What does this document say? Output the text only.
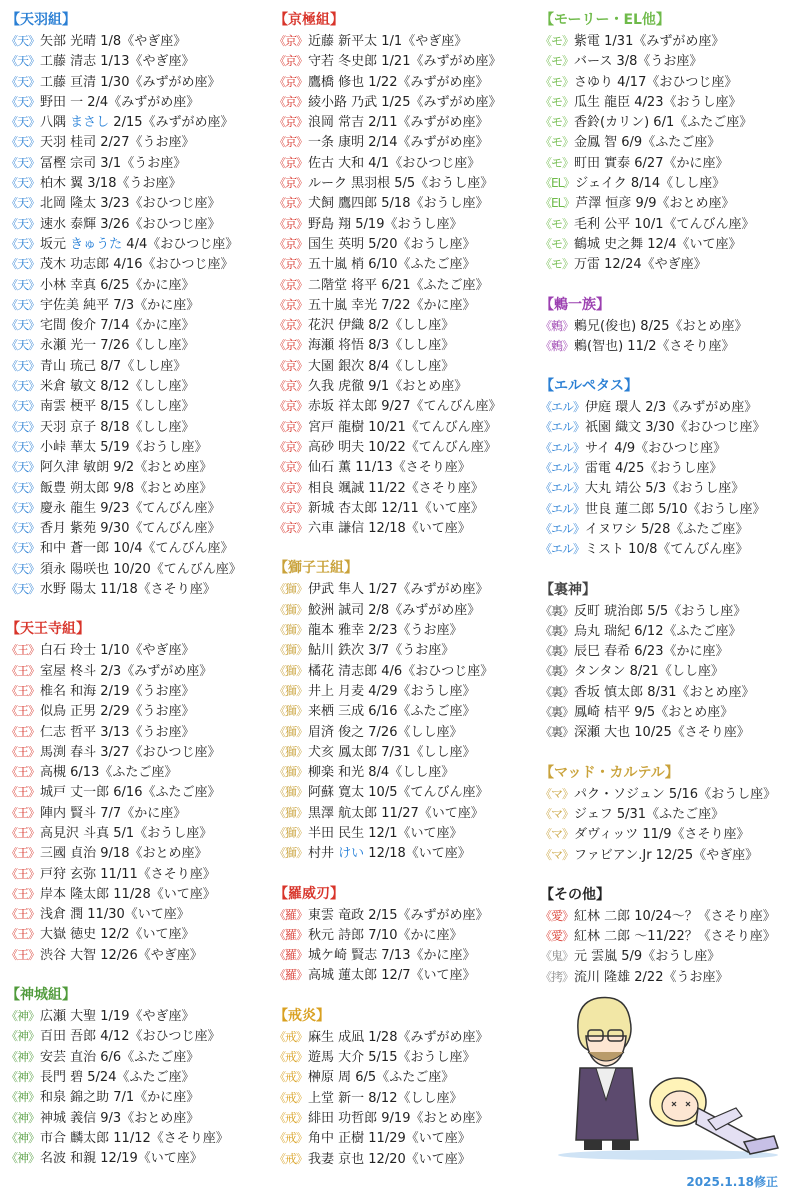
【天羽組】
《天》矢部 光晴 1/8《やぎ座》
《天》工藤 清志 1/13《やぎ座》
《天》工藤 亘清 1/30《みずがめ座》
《天》野田 一 2/4《みずがめ座》
《天》八隅 まさし 2/15《みずがめ座》
《天》天羽 桂司 2/27《うお座》
《天》冨樫 宗司 3/1《うお座》
《天》柏木 翼 3/18《うお座》
《天》北岡 隆太 3/23《おひつじ座》
《天》速水 泰輝 3/26《おひつじ座》
《天》坂元 きゅうた 4/4《おひつじ座》
《天》茂木 功志郎 4/16《おひつじ座》
《天》小林 幸真 6/25《かに座》
《天》宇佐美 純平 7/3《かに座》
《天》宅間 俊介 7/14《かに座》
《天》永瀬 光一 7/26《しし座》
《天》青山 琉己 8/7《しし座》
《天》米倉 敏文 8/12《しし座》
《天》南雲 梗平 8/15《しし座》
《天》天羽 京子 8/18《しし座》
《天》小峠 華太 5/19《おうし座》
《天》阿久津 敏朗 9/2《おとめ座》
《天》飯豊 朔太郎 9/8《おとめ座》
《天》慶永 龍生 9/23《てんびん座》
《天》香月 紫苑 9/30《てんびん座》
《天》和中 蒼一郎 10/4《てんびん座》
《天》須永 陽咲也 10/20《てんびん座》
《天》水野 陽太 11/18《さそり座》
【天王寺組】
《王》白石 玲士 1/10《やぎ座》
《王》室屋 柊斗 2/3《みずがめ座》
《王》椎名 和海 2/19《うお座》
《王》似鳥 正男 2/29《うお座》
《王》仁志 哲平 3/13《うお座》
《王》馬渕 春斗 3/27《おひつじ座》
《王》高槻 6/13《ふたご座》
《王》城戸 丈一郎 6/16《ふたご座》
《王》陣内 賢斗 7/7《かに座》
《王》高見沢 斗真 5/1《おうし座》
《王》三國 貞治 9/18《おとめ座》
《王》戸狩 玄弥 11/11《さそり座》
《王》岸本 隆太郎 11/28《いて座》
《王》浅倉 潤 11/30《いて座》
《王》大嶽 徳史 12/2《いて座》
《王》渋谷 大智 12/26《やぎ座》
【神城組】
《神》広瀬 大聖 1/19《やぎ座》
《神》百田 吾郎 4/12《おひつじ座》
《神》安芸 直治 6/6《ふたご座》
《神》長門 碧 5/24《ふたご座》
《神》和泉 錦之助 7/1《かに座》
《神》神城 義信 9/3《おとめ座》
《神》市合 麟太郎 11/12《さそり座》
《神》名波 和親 12/19《いて座》
【京極組】
《京》近藤 新平太 1/1《やぎ座》
《京》守若 冬史郎 1/21《みずがめ座》
《京》鷹橋 修也 1/22《みずがめ座》
《京》綾小路 乃武 1/25《みずがめ座》
《京》浪岡 常吉 2/11《みずがめ座》
《京》一条 康明 2/14《みずがめ座》
《京》佐古 大和 4/1《おひつじ座》
《京》ルーク 黒羽根 5/5《おうし座》
《京》犬飼 鷹四郎 5/18《おうし座》
《京》野島 翔 5/19《おうし座》
《京》国生 英明 5/20《おうし座》
《京》五十嵐 梢 6/10《ふたご座》
《京》二階堂 将平 6/21《ふたご座》
《京》五十嵐 幸光 7/22《かに座》
《京》花沢 伊織 8/2《しし座》
《京》海瀬 将悟 8/3《しし座》
《京》大園 銀次 8/4《しし座》
《京》久我 虎徹 9/1《おとめ座》
《京》赤坂 祥太郎 9/27《てんびん座》
《京》宮戸 龍樹 10/21《てんびん座》
《京》高砂 明夫 10/22《てんびん座》
《京》仙石 薫 11/13《さそり座》
《京》相良 颯誠 11/22《さそり座》
《京》新城 杏太郎 12/11《いて座》
《京》六車 謙信 12/18《いて座》
【獅子王組】
《獅》伊武 隼人 1/27《みずがめ座》
《獅》鮫洲 誠司 2/8《みずがめ座》
《獅》龍本 雅幸 2/23《うお座》
《獅》鮎川 鉄次 3/7《うお座》
《獅》橘花 清志郎 4/6《おひつじ座》
《獅》井上 月麦 4/29《おうし座》
《獅》来栖 三成 6/16《ふたご座》
《獅》眉済 俊之 7/26《しし座》
《獅》犬亥 鳳太郎 7/31《しし座》
《獅》柳楽 和光 8/4《しし座》
《獅》阿蘇 寛太 10/5《てんびん座》
《獅》黒澤 航太郎 11/27《いて座》
《獅》半田 民生 12/1《いて座》
《獅》村井 けい 12/18《いて座》
【羅威刃】
《羅》東雲 竜政 2/15《みずがめ座》
《羅》秋元 詩郎 7/10《かに座》
《羅》城ケ崎 賢志 7/13《かに座》
《羅》高城 蓮太郎 12/7《いて座》
【戒炎】
《戒》麻生 成凪 1/28《みずがめ座》
《戒》遊馬 大介 5/15《おうし座》
《戒》榊原 周 6/5《ふたご座》
《戒》上堂 新一 8/12《しし座》
《戒》緋田 功哲郎 9/19《おとめ座》
《戒》角中 正樹 11/29《いて座》
《戒》我妻 京也 12/20《いて座》
【モーリー・EL他】
《モ》紫電 1/31《みずがめ座》
《モ》バース 3/8《うお座》
《モ》さゆり 4/17《おひつじ座》
《モ》瓜生 龍臣 4/23《おうし座》
《モ》香鈴(カリン) 6/1《ふたご座》
《モ》金鳳 智 6/9《ふたご座》
《モ》町田 實泰 6/27《かに座》
《EL》ジェイク 8/14《しし座》
《EL》芦澤 恒彦 9/9《おとめ座》
《モ》毛利 公平 10/1《てんびん座》
《モ》鶴城 史之舞 12/4《いて座》
《モ》万雷 12/24《やぎ座》
【鶫一族】
《鶫》鶫兄(俊也) 8/25《おとめ座》
《鶫》鶫(智也) 11/2《さそり座》
【エルペタス】
《エル》伊庭 環人 2/3《みずがめ座》
《エル》祇園 織文 3/30《おひつじ座》
《エル》サイ 4/9《おひつじ座》
《エル》雷電 4/25《おうし座》
《エル》大丸 靖公 5/3《おうし座》
《エル》世良 蓮二郎 5/10《おうし座》
《エル》イヌワシ 5/28《ふたご座》
《エル》ミスト 10/8《てんびん座》
【裏神】
《裏》反町 琥治郎 5/5《おうし座》
《裏》烏丸 瑞紀 6/12《ふたご座》
《裏》辰巳 春希 6/23《かに座》
《裏》タンタン 8/21《しし座》
《裏》香坂 慎太郎 8/31《おとめ座》
《裏》鳳崎 桔平 9/5《おとめ座》
《裏》深瀬 大也 10/25《さそり座》
【マッド・カルテル】
《マ》パク・ソジュン 5/16《おうし座》
《マ》ジェフ 5/31《ふたご座》
《マ》ダヴィッツ 11/9《さそり座》
《マ》ファビアン.Jr 12/25《やぎ座》
【その他】
《愛》紅林 二郎 10/24～？《さそり座》
《愛》紅林 二郎 ～11/22？《さそり座》
《鬼》元 雲嵐 5/9《おうし座》
《拷》流川 隆雄 2/22《うお座》
2025.1.18修正
